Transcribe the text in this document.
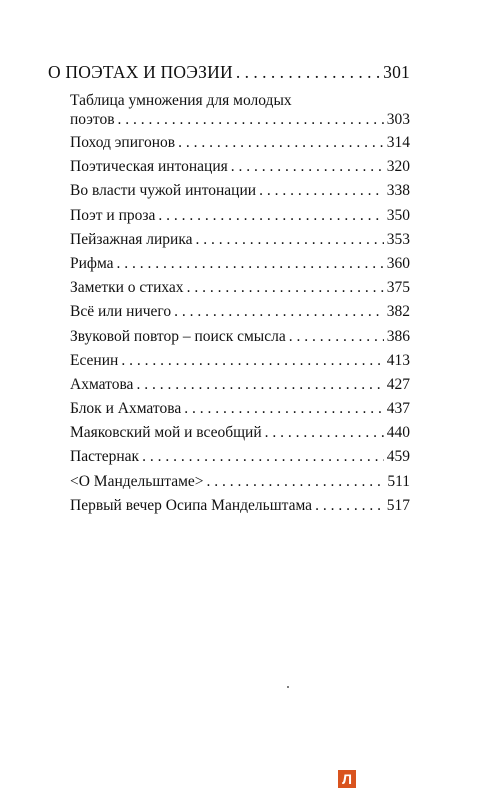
О ПОЭТАХ И ПОЭЗИИ . . .	301
Таблица умножения для молодых
поэтов . . .	303
Поход эпигонов . . .	314
Поэтическая интонация . . .	320
Во власти чужой интонации . . .	338
Поэт и проза . . .	350
Пейзажная лирика . . .	353
Рифма . . .	360
Заметки о стихах . . .	375
Всё или ничего . . .	382
Звуковой повтор – поиск смысла . . .	386
Есенин . . .	413
Ахматова . . .	427
Блок и Ахматова . . .	437
Маяковский мой и всеобщий . . .	440
Пастернак . . .	459
<О Мандельштаме> . . .	511
Первый вечер Осипа Мандельштама . . .	517
Л
